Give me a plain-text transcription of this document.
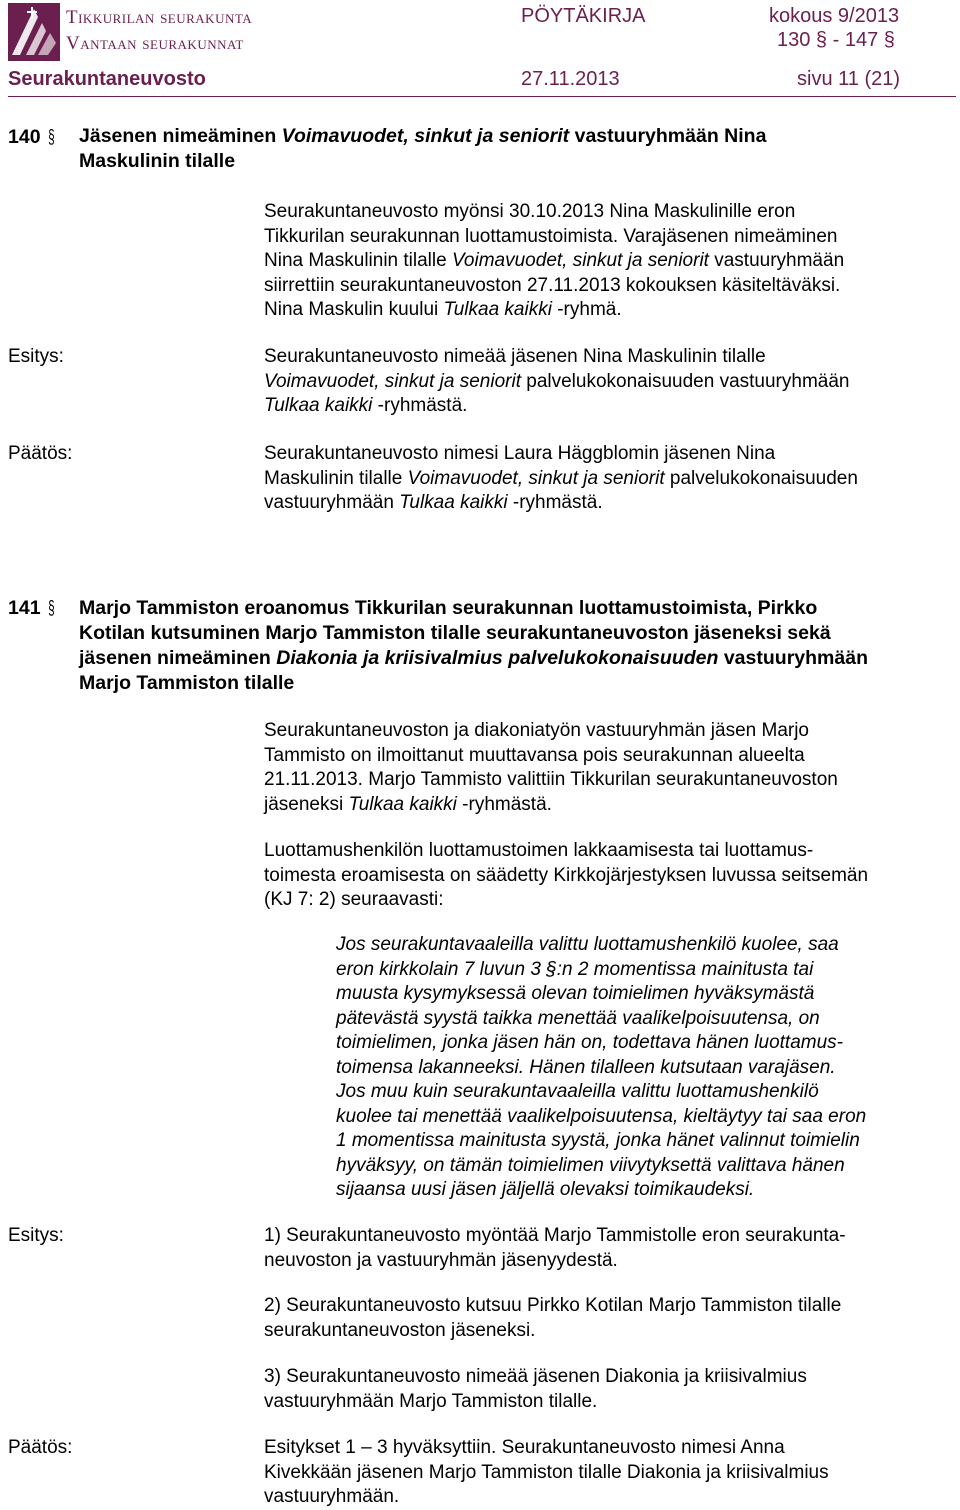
Tikkurilan seurakunta
Vantaan seurakunnat
PÖYTÄKIRJA	kokous 9/2013
130 § - 147 §
Seurakuntaneuvosto	27.11.2013	sivu 11 (21)
140 § Jäsenen nimeäminen Voimavuodet, sinkut ja seniorit vastuuryhmään Nina
Maskulinin tilalle
Seurakuntaneuvosto myönsi 30.10.2013 Nina Maskulinille eron
Tikkurilan seurakunnan luottamustoimista. Varajäsenen nimeäminen
Nina Maskulinin tilalle Voimavuodet, sinkut ja seniorit vastuuryhmään
siirrettiin seurakuntaneuvoston 27.11.2013 kokouksen käsiteltäväksi.
Nina Maskulin kuului Tulkaa kaikki -ryhmä.
Esitys:	Seurakuntaneuvosto nimeää jäsenen Nina Maskulinin tilalle
Voimavuodet, sinkut ja seniorit palvelukokonaisuuden vastuuryhmään
Tulkaa kaikki -ryhmästä.
Päätös:	Seurakuntaneuvosto nimesi Laura Häggblomin jäsenen Nina
Maskulinin tilalle Voimavuodet, sinkut ja seniorit palvelukokonaisuuden
vastuuryhmään Tulkaa kaikki -ryhmästä.
141 § Marjo Tammiston eroanomus Tikkurilan seurakunnan luottamustoimista, Pirkko
Kotilan kutsuminen Marjo Tammiston tilalle seurakuntaneuvoston jäseneksi sekä
jäsenen nimeäminen Diakonia ja kriisivalmius palvelukokonaisuuden vastuuryhmään
Marjo Tammiston tilalle
Seurakuntaneuvoston ja diakoniatyön vastuuryhmän jäsen Marjo
Tammisto on ilmoittanut muuttavansa pois seurakunnan alueelta
21.11.2013. Marjo Tammisto valittiin Tikkurilan seurakuntaneuvoston
jäseneksi Tulkaa kaikki -ryhmästä.
Luottamushenkilön luottamustoimen lakkaamisesta tai luottamus-
toimesta eroamisesta on säädetty Kirkkojärjestyksen luvussa seitsemän
(KJ 7: 2) seuraavasti:
Jos seurakuntavaaleilla valittu luottamushenkilö kuolee, saa
eron kirkkolain 7 luvun 3 §:n 2 momentissa mainitusta tai
muusta kysymyksessä olevan toimielimen hyväksymästä
pätevästä syystä taikka menettää vaalikelpoisuutensa, on
toimielimen, jonka jäsen hän on, todettava hänen luottamus-
toimensa lakanneeksi. Hänen tilalleen kutsutaan varajäsen.
Jos muu kuin seurakuntavaaleilla valittu luottamushenkilö
kuolee tai menettää vaalikelpoisuutensa, kieltäytyy tai saa eron
1 momentissa mainitusta syystä, jonka hänet valinnut toimielin
hyväksyy, on tämän toimielimen viivytyksettä valittava hänen
sijaansa uusi jäsen jäljellä olevaksi toimikaudeksi.
Esitys:	1) Seurakuntaneuvosto myöntää Marjo Tammistolle eron seurakunta-
neuvoston ja vastuuryhmän jäsenyydestä.
2) Seurakuntaneuvosto kutsuu Pirkko Kotilan Marjo Tammiston tilalle
seurakuntaneuvoston jäseneksi.
3) Seurakuntaneuvosto nimeää jäsenen Diakonia ja kriisivalmius
vastuuryhmään Marjo Tammiston tilalle.
Päätös:	Esitykset 1 – 3 hyväksyttiin. Seurakuntaneuvosto nimesi Anna
Kivekkään jäsenen Marjo Tammiston tilalle Diakonia ja kriisivalmius
vastuuryhmään.
